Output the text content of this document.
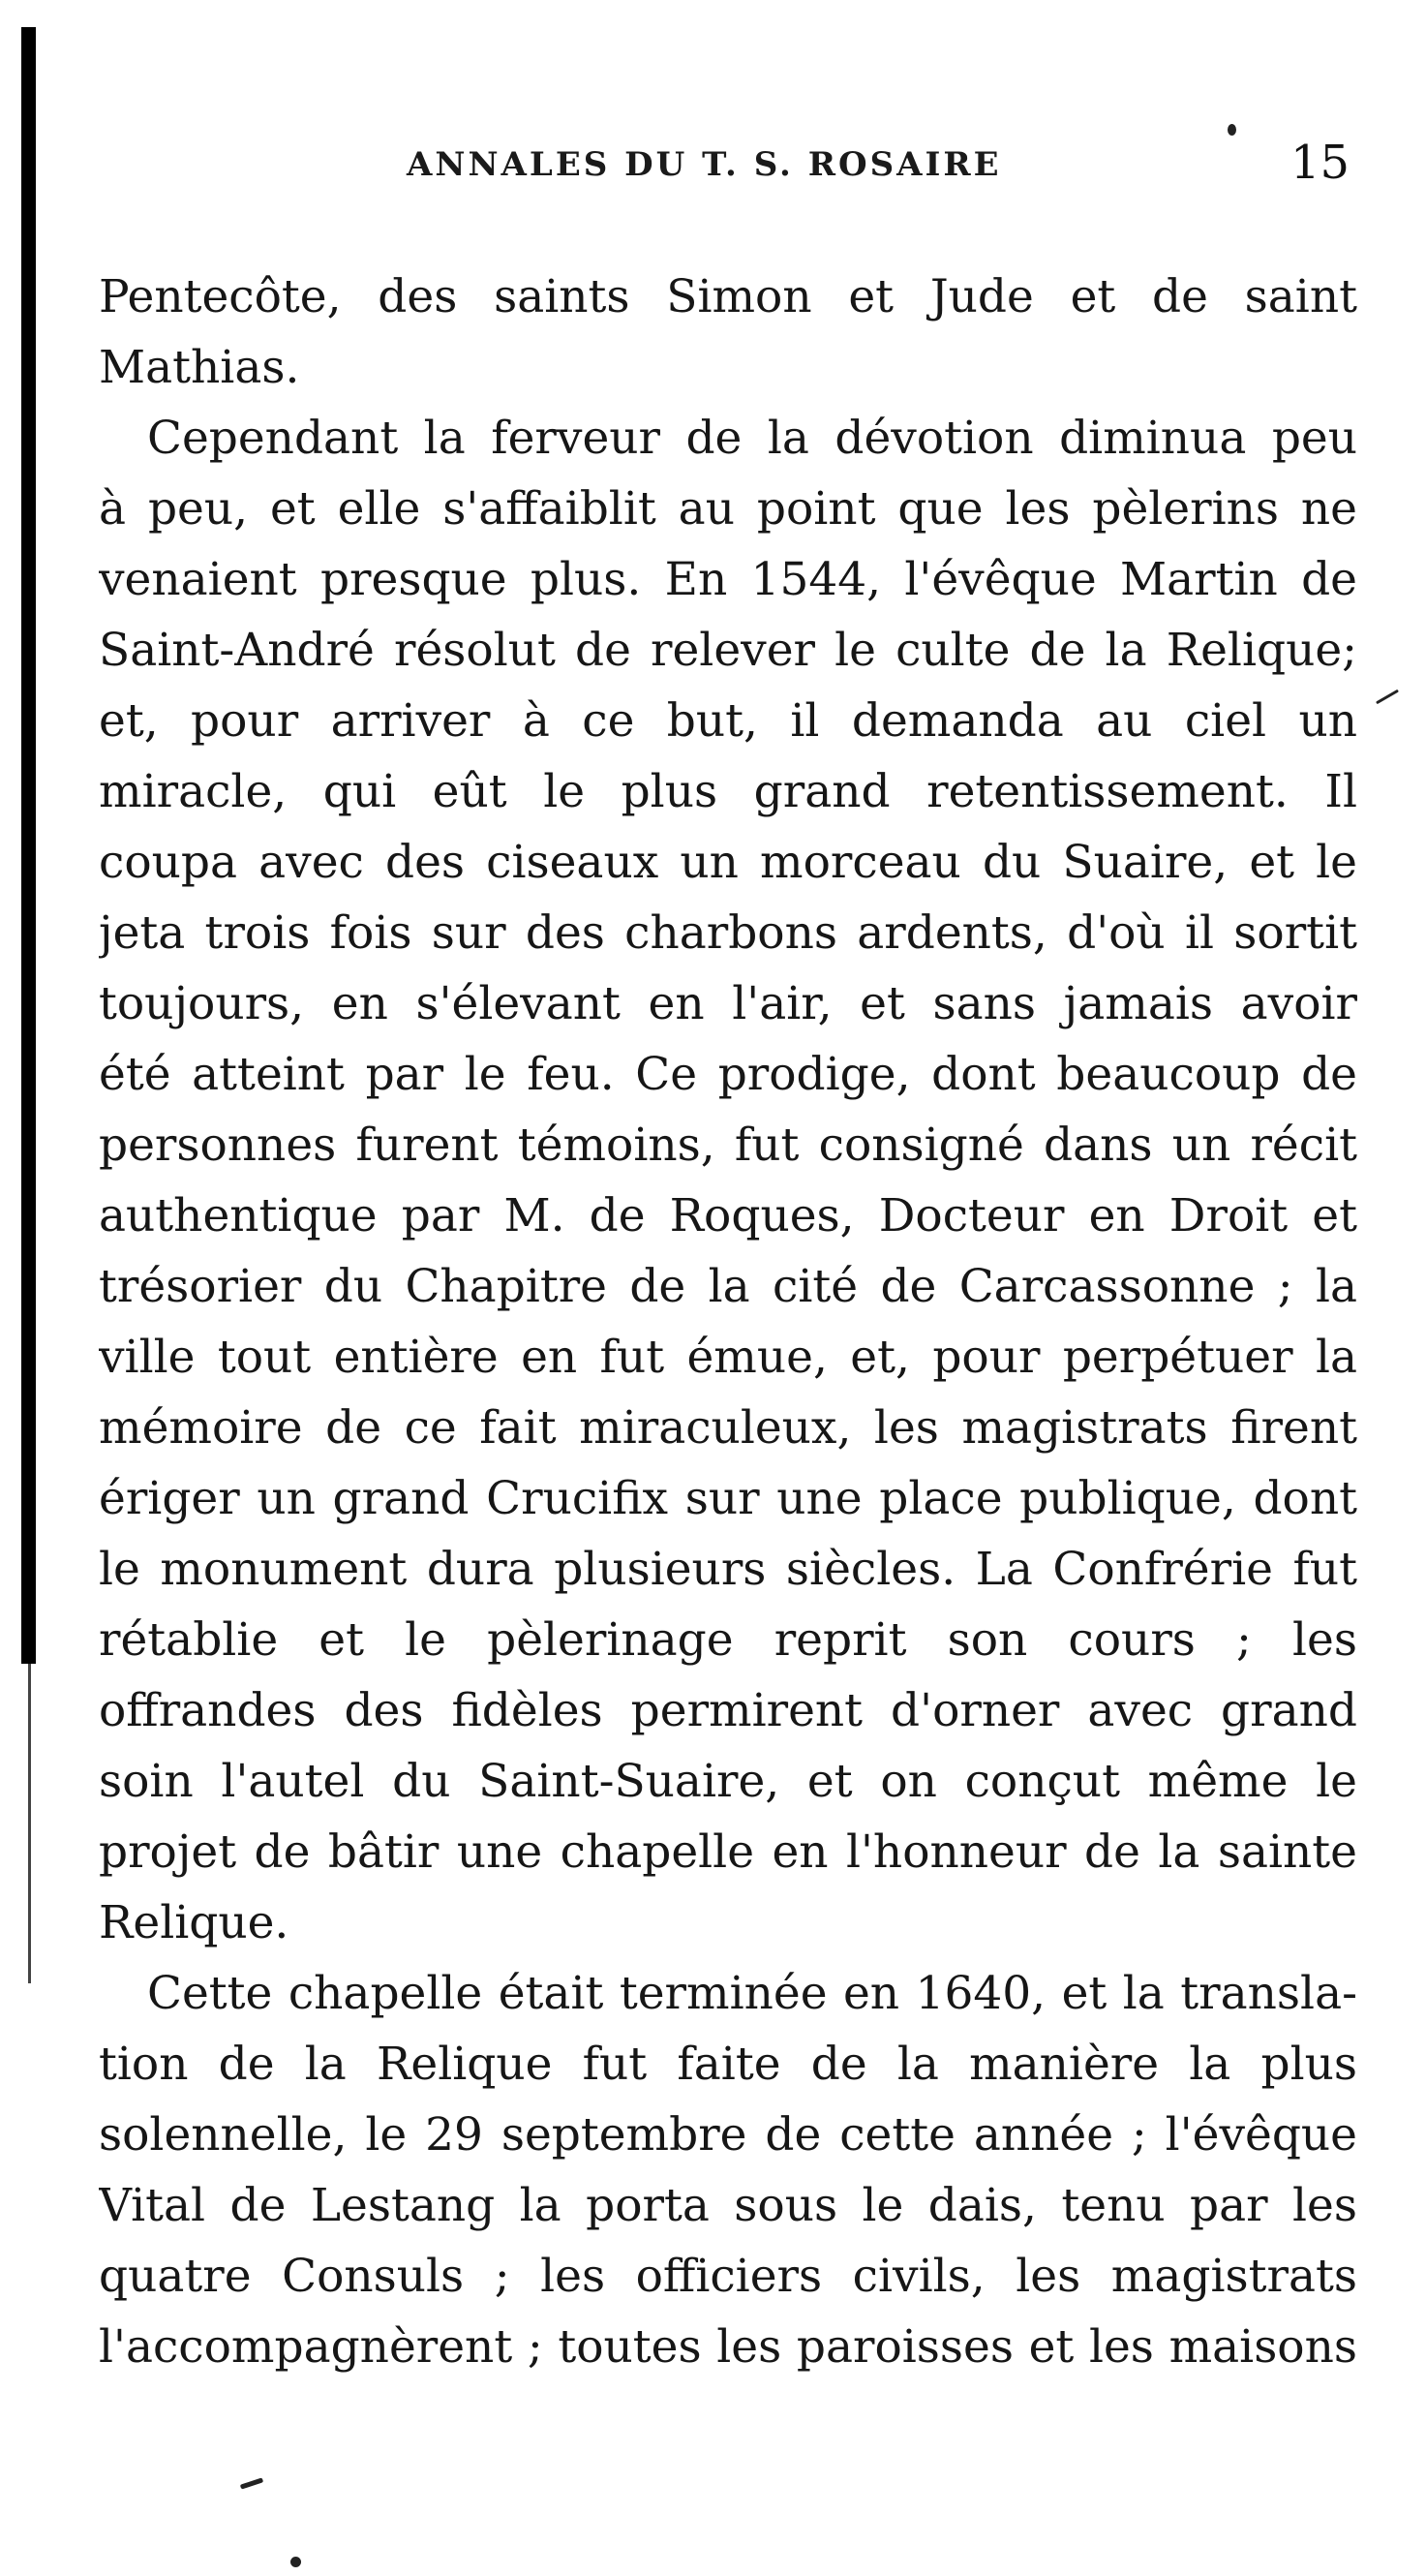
ANNALES DU T. S. ROSAIRE	15
Pentecôte, des saints Simon et Jude et de saint
Mathias.
Cependant la ferveur de la dévotion diminua peu
à peu, et elle s'affaiblit au point que les pèlerins ne
venaient presque plus. En 1544, l'évêque Martin de
Saint-André résolut de relever le culte de la Relique;
et, pour arriver à ce but, il demanda au ciel un
miracle, qui eût le plus grand retentissement. Il
coupa avec des ciseaux un morceau du Suaire, et le
jeta trois fois sur des charbons ardents, d'où il sortit
toujours, en s'élevant en l'air, et sans jamais avoir
été atteint par le feu. Ce prodige, dont beaucoup de
personnes furent témoins, fut consigné dans un récit
authentique par M. de Roques, Docteur en Droit et
trésorier du Chapitre de la cité de Carcassonne ; la
ville tout entière en fut émue, et, pour perpétuer la
mémoire de ce fait miraculeux, les magistrats firent
ériger un grand Crucifix sur une place publique, dont
le monument dura plusieurs siècles. La Confrérie fut
rétablie et le pèlerinage reprit son cours ; les
offrandes des fidèles permirent d'orner avec grand
soin l'autel du Saint-Suaire, et on conçut même le
projet de bâtir une chapelle en l'honneur de la sainte
Relique.
Cette chapelle était terminée en 1640, et la transla-
tion de la Relique fut faite de la manière la plus
solennelle, le 29 septembre de cette année ; l'évêque
Vital de Lestang la porta sous le dais, tenu par les
quatre Consuls ; les officiers civils, les magistrats
l'accompagnèrent ; toutes les paroisses et les maisons
